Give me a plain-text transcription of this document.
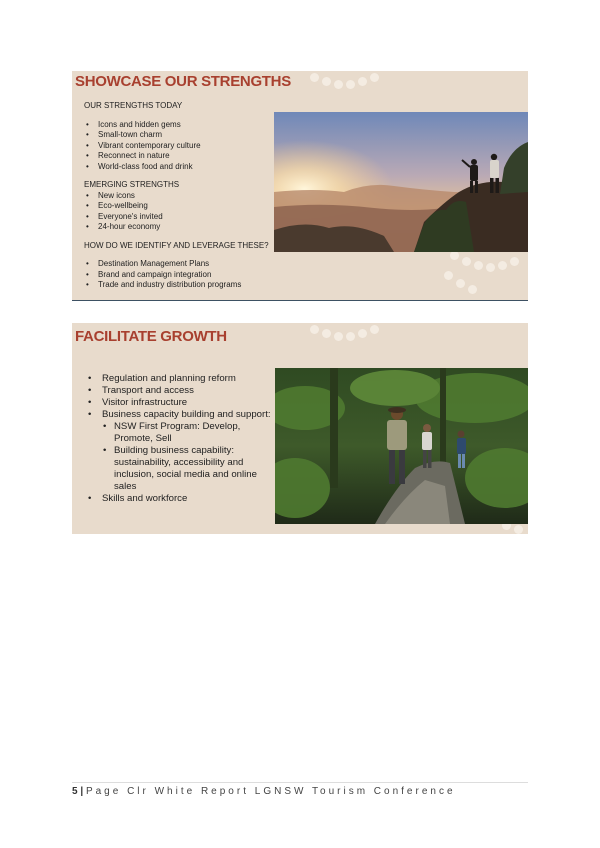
SHOWCASE OUR STRENGTHS

OUR STRENGTHS TODAY

• Icons and hidden gems
• Small-town charm
• Vibrant contemporary culture
• Reconnect in nature
• World-class food and drink

EMERGING STRENGTHS

• New icons
• Eco-wellbeing
• Everyone's invited
• 24-hour economy

HOW DO WE IDENTIFY AND LEVERAGE THESE?

• Destination Management Plans
• Brand and campaign integration
• Trade and industry distribution programs
FACILITATE GROWTH
• Regulation and planning reform
• Transport and access
• Visitor infrastructure
• Business capacity building and support:
• NSW First Program: Develop, Promote, Sell
• Building business capability: sustainability, accessibility and inclusion, social media and online sales
• Skills and workforce
5 | Page Clr White Report LGNSW Tourism Conference
